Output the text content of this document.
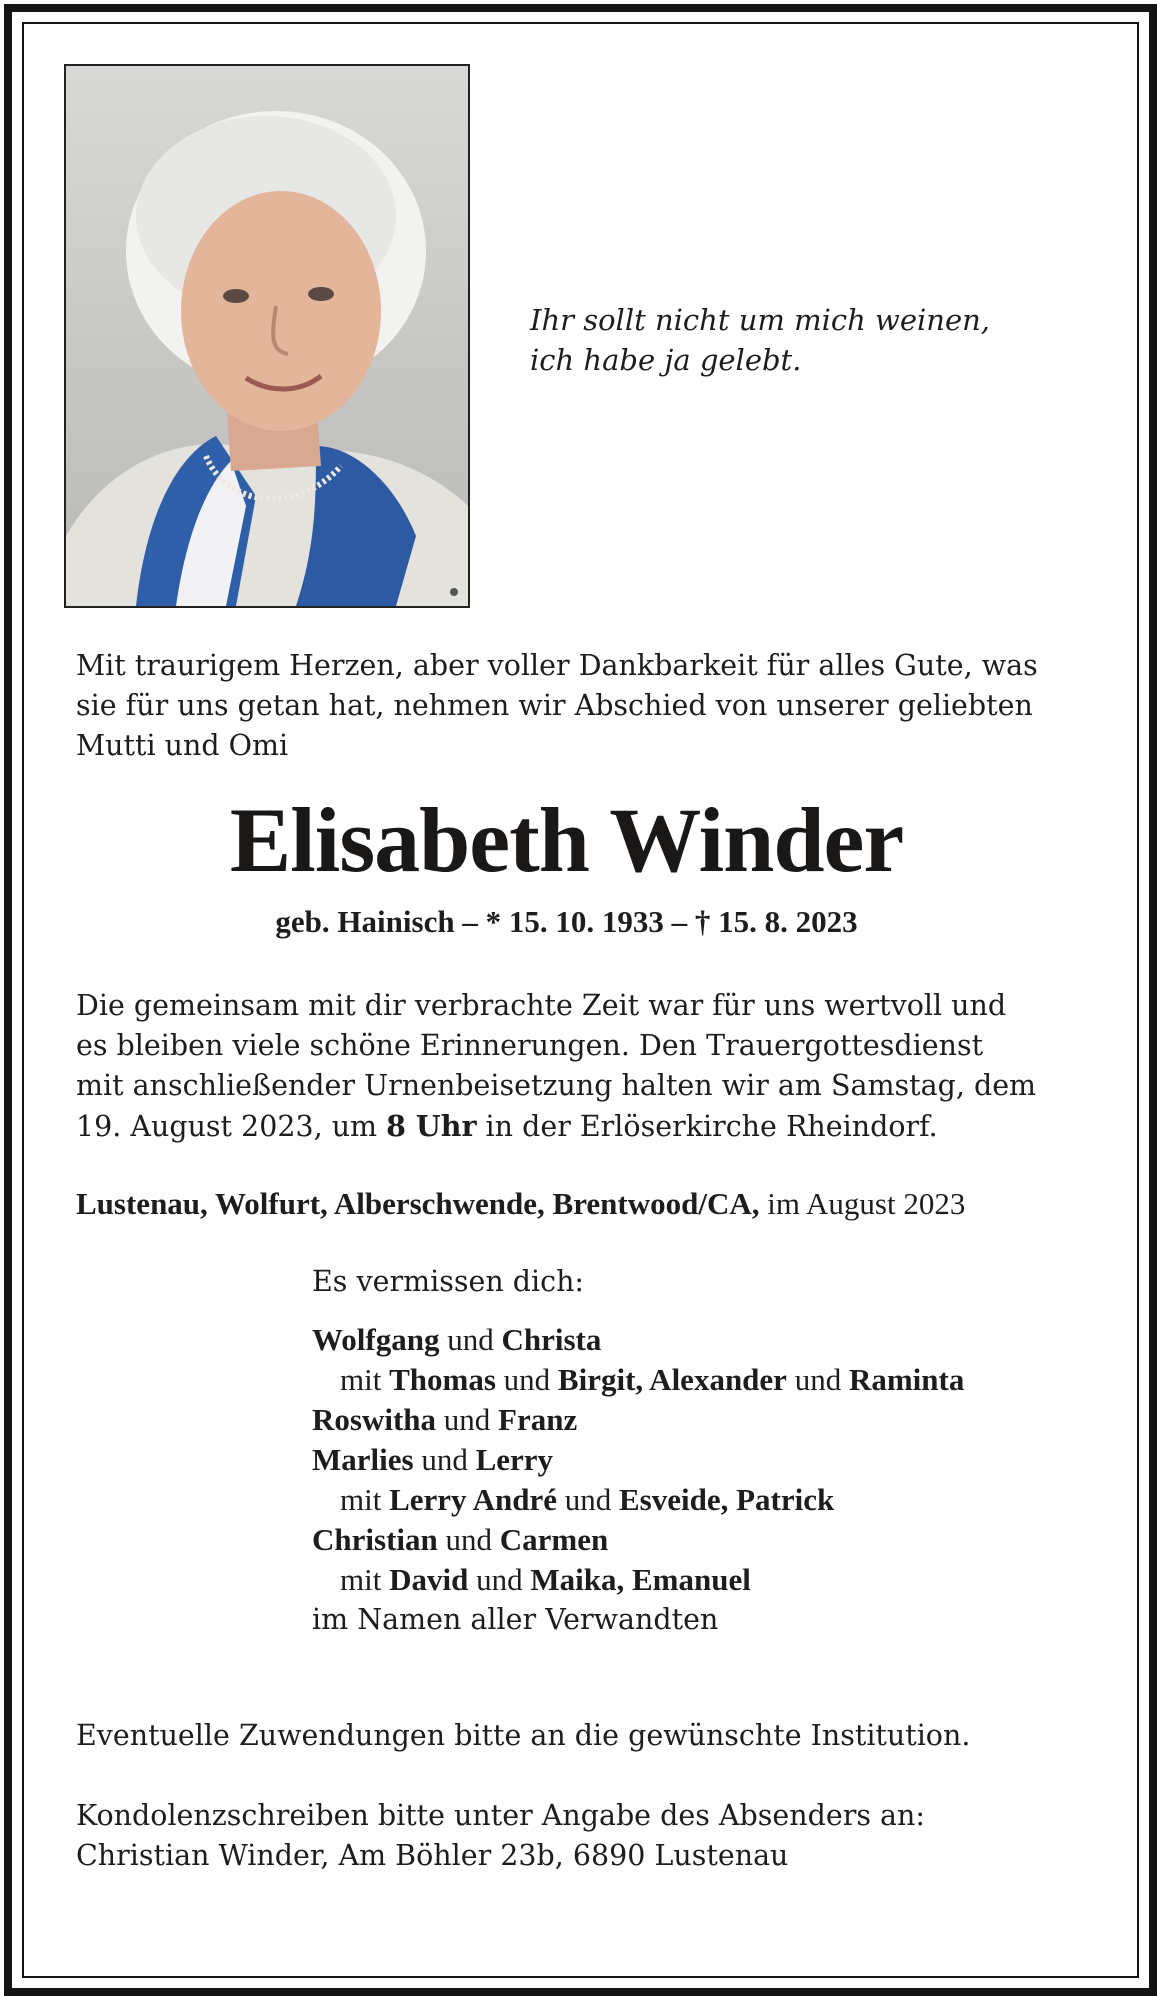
Ihr sollt nicht um mich weinen,
ich habe ja gelebt.
Mit traurigem Herzen, aber voller Dankbarkeit für alles Gute, was
sie für uns getan hat, nehmen wir Abschied von unserer geliebten
Mutti und Omi
Elisabeth Winder
geb. Hainisch – * 15. 10. 1933 – † 15. 8. 2023
Die gemeinsam mit dir verbrachte Zeit war für uns wertvoll und
es bleiben viele schöne Erinnerungen. Den Trauergottesdienst
mit anschließender Urnenbeisetzung halten wir am Samstag, dem
19. August 2023, um 8 Uhr in der Erlöserkirche Rheindorf.
Lustenau, Wolfurt, Alberschwende, Brentwood/CA, im August 2023
Es vermissen dich:
Wolfgang und Christa
mit Thomas und Birgit, Alexander und Raminta
Roswitha und Franz
Marlies und Lerry
mit Lerry André und Esveide, Patrick
Christian und Carmen
mit David und Maika, Emanuel
im Namen aller Verwandten
Eventuelle Zuwendungen bitte an die gewünschte Institution.
Kondolenzschreiben bitte unter Angabe des Absenders an:
Christian Winder, Am Böhler 23b, 6890 Lustenau
